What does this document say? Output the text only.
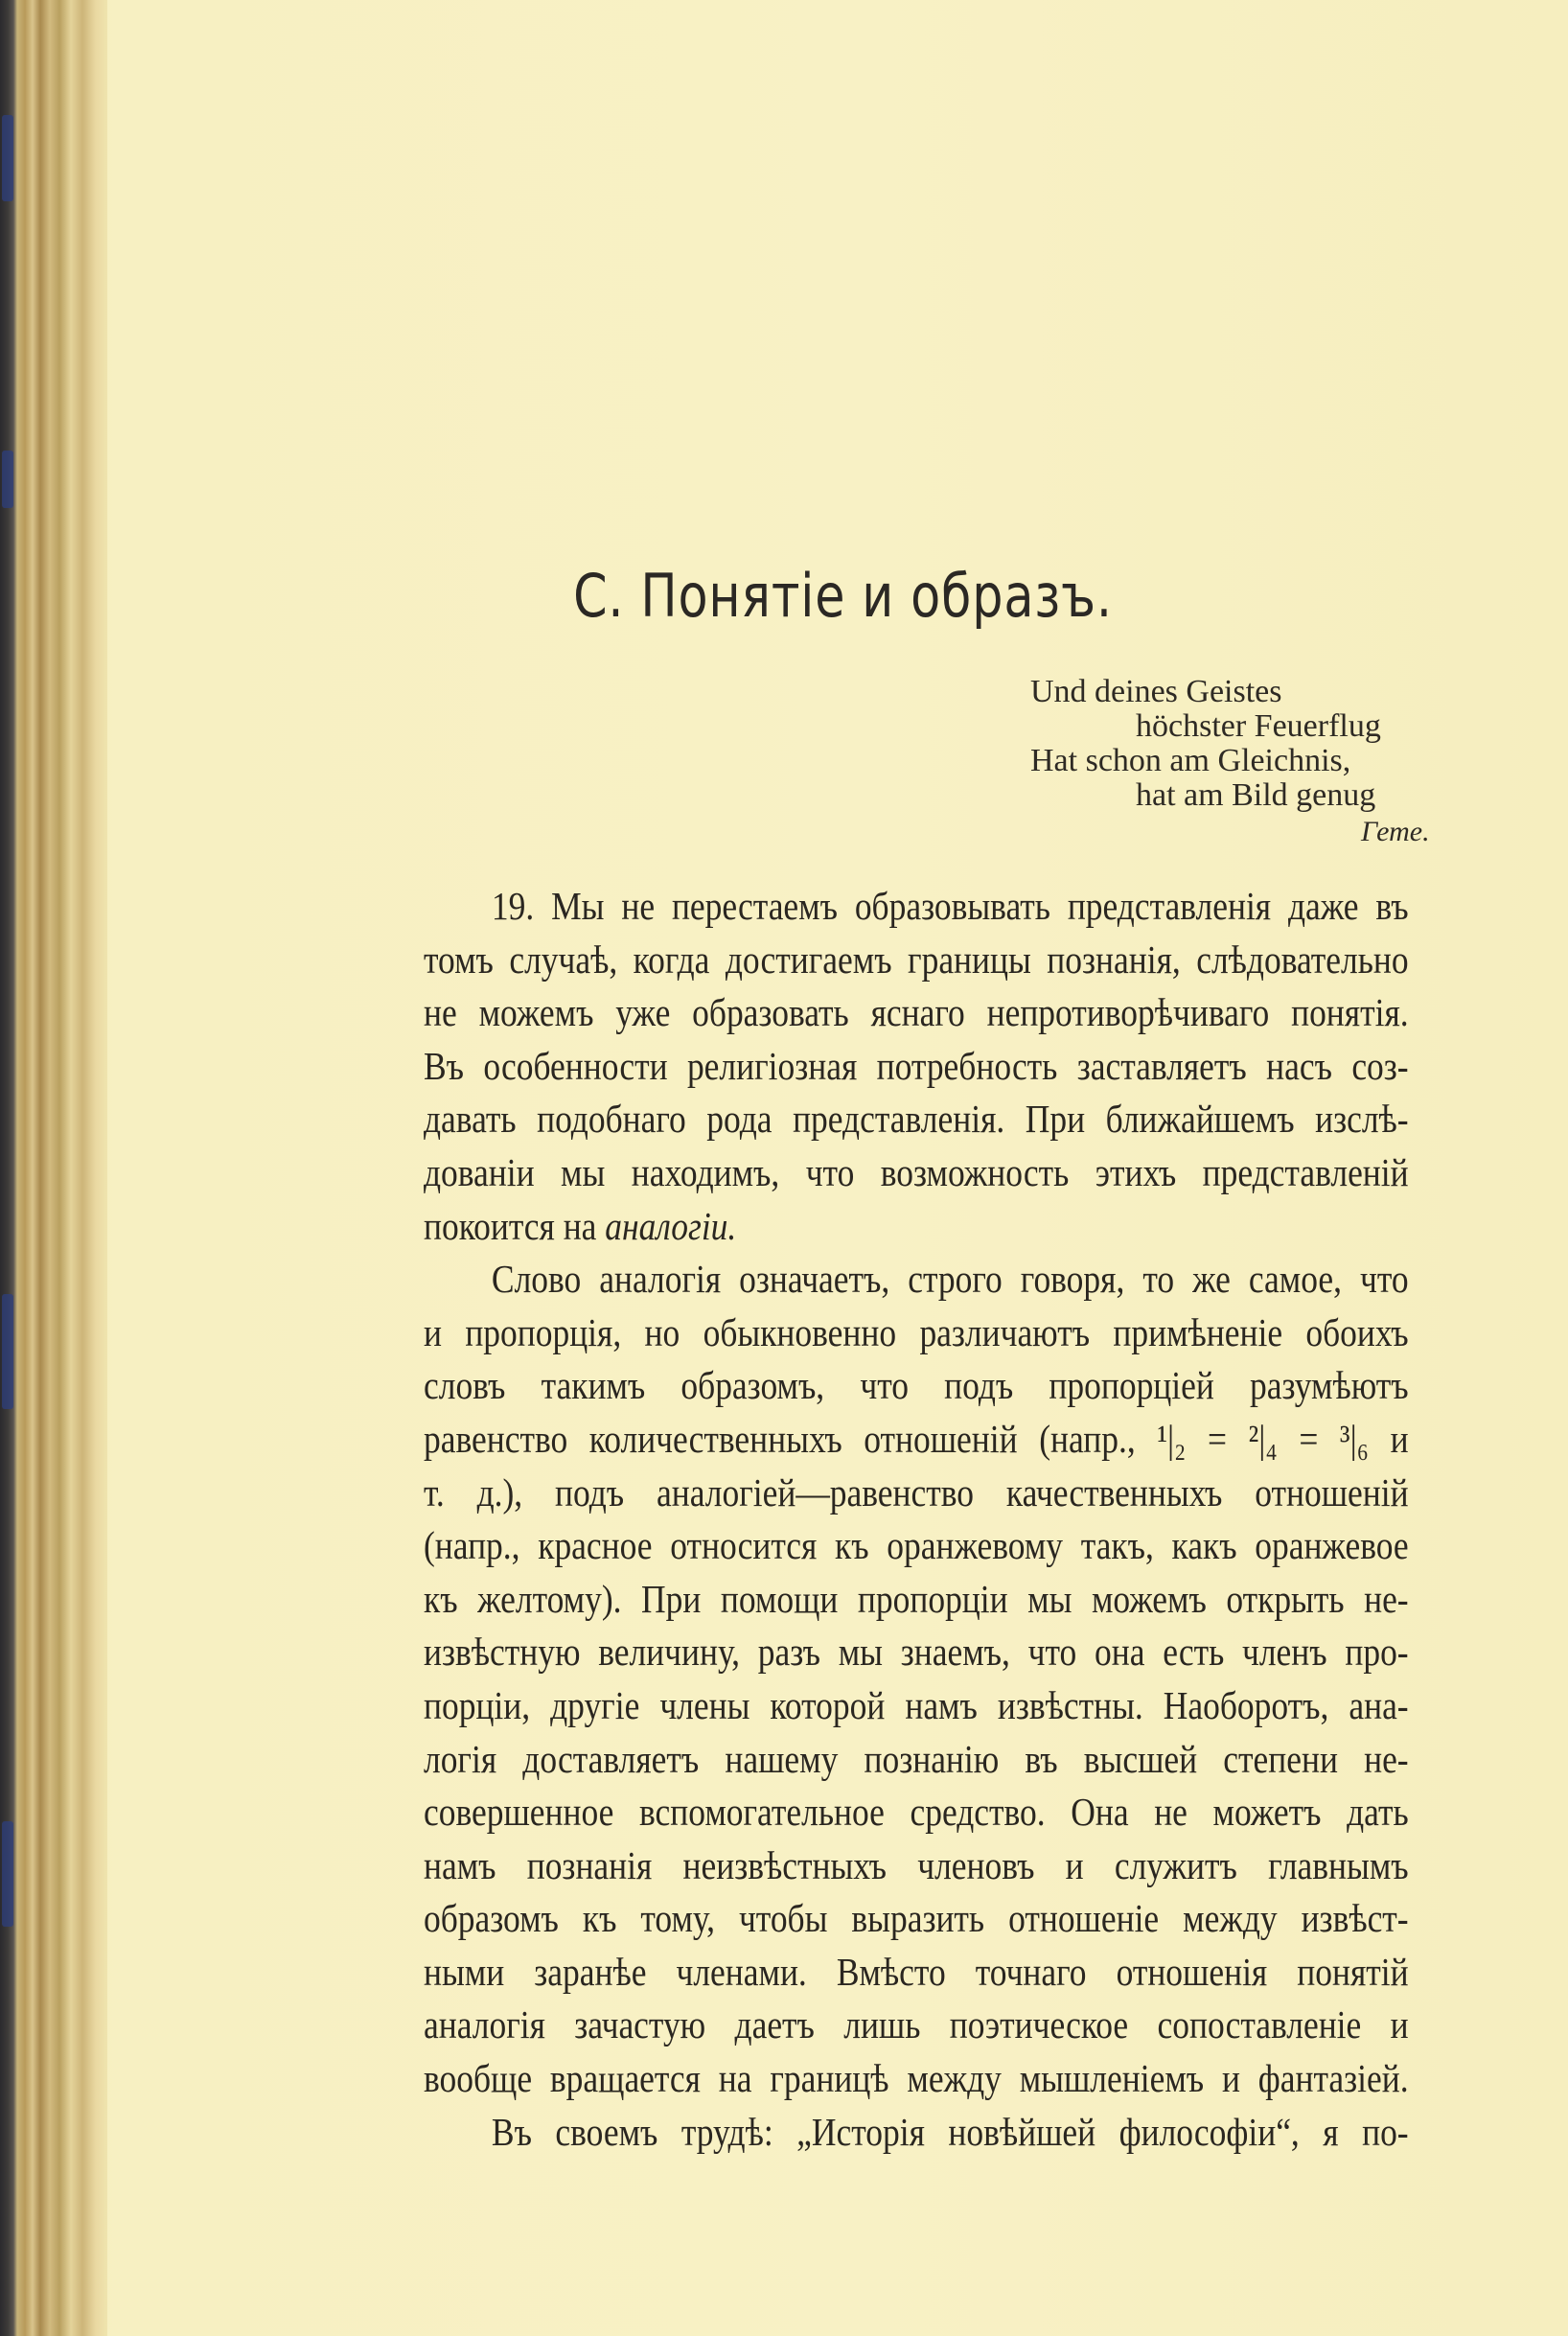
С. Понятіе и образъ.
Und deines Geistes
höchster Feuerflug
Hat schon am Gleichnis,
hat am Bild genug
Гете.
19. Мы не перестаемъ образовывать представленія даже въ
томъ случаѣ, когда достигаемъ границы познанія, слѣдовательно
не можемъ уже образовать яснаго непротиворѣчиваго понятія.
Въ особенности религіозная потребность заставляетъ насъ соз-
давать подобнаго рода представленія. При ближайшемъ изслѣ-
дованіи мы находимъ, что возможность этихъ представленій
покоится на аналогіи.
Слово аналогія означаетъ, строго говоря, то же самое, что
и пропорція, но обыкновенно различаютъ примѣненіе обоихъ
словъ такимъ образомъ, что подъ пропорціей разумѣютъ
равенство количественныхъ отношеній (напр., ¹|₂ = ²|₄ = ³|₆ и
т. д.), подъ аналогіей—равенство качественныхъ отношеній
(напр., красное относится къ оранжевому такъ, какъ оранжевое
къ желтому). При помощи пропорціи мы можемъ открыть не-
извѣстную величину, разъ мы знаемъ, что она есть членъ про-
порціи, другіе члены которой намъ извѣстны. Наоборотъ, ана-
логія доставляетъ нашему познанію въ высшей степени не-
совершенное вспомогательное средство. Она не можетъ дать
намъ познанія неизвѣстныхъ членовъ и служитъ главнымъ
образомъ къ тому, чтобы выразить отношеніе между извѣст-
ными заранѣе членами. Вмѣсто точнаго отношенія понятій
аналогія зачастую даетъ лишь поэтическое сопоставленіе и
вообще вращается на границѣ между мышленіемъ и фантазіей.
Въ своемъ трудѣ: „Исторія новѣйшей философіи“, я по-
